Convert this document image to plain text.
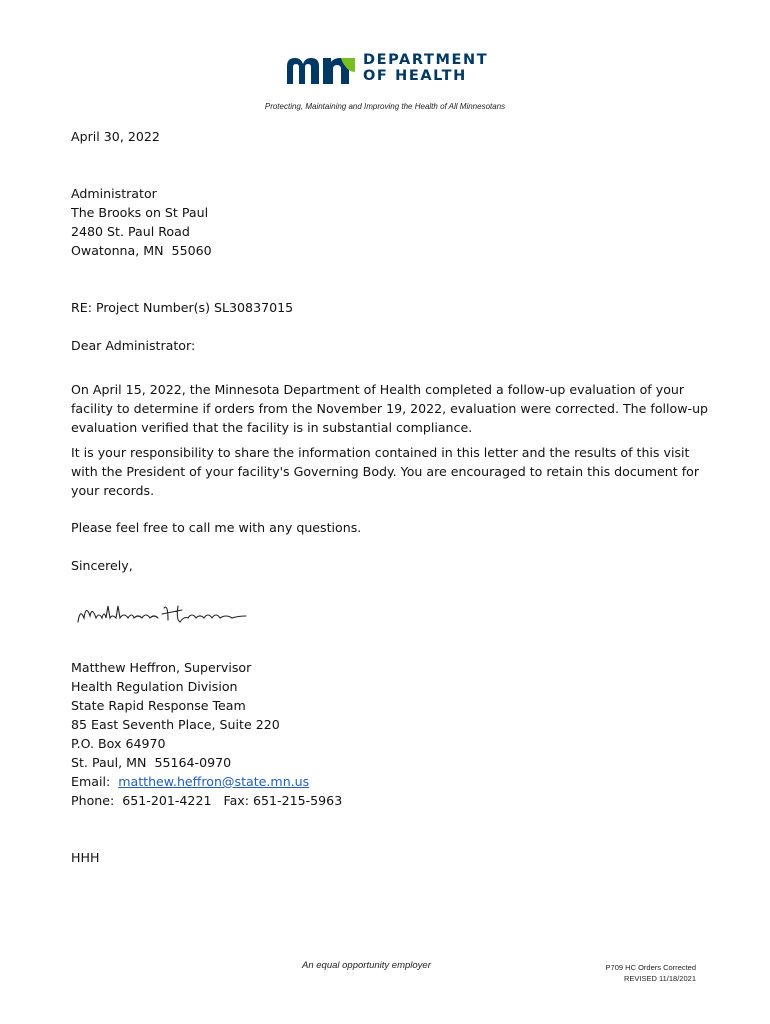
DEPARTMENT
OF HEALTH
Protecting, Maintaining and Improving the Health of All Minnesotans
April 30, 2022
Administrator
The Brooks on St Paul
2480 St. Paul Road
Owatonna, MN  55060
RE: Project Number(s) SL30837015
Dear Administrator:
On April 15, 2022, the Minnesota Department of Health completed a follow-up evaluation of your
facility to determine if orders from the November 19, 2022, evaluation were corrected. The follow-up
evaluation verified that the facility is in substantial compliance.
It is your responsibility to share the information contained in this letter and the results of this visit
with the President of your facility's Governing Body. You are encouraged to retain this document for
your records.
Please feel free to call me with any questions.
Sincerely,
Matthew Heffron, Supervisor
Health Regulation Division
State Rapid Response Team
85 East Seventh Place, Suite 220
P.O. Box 64970
St. Paul, MN  55164-0970
Email:  matthew.heffron@state.mn.us
Phone:  651-201-4221   Fax: 651-215-5963
HHH
An equal opportunity employer	P709 HC Orders Corrected
REVISED 11/18/2021
